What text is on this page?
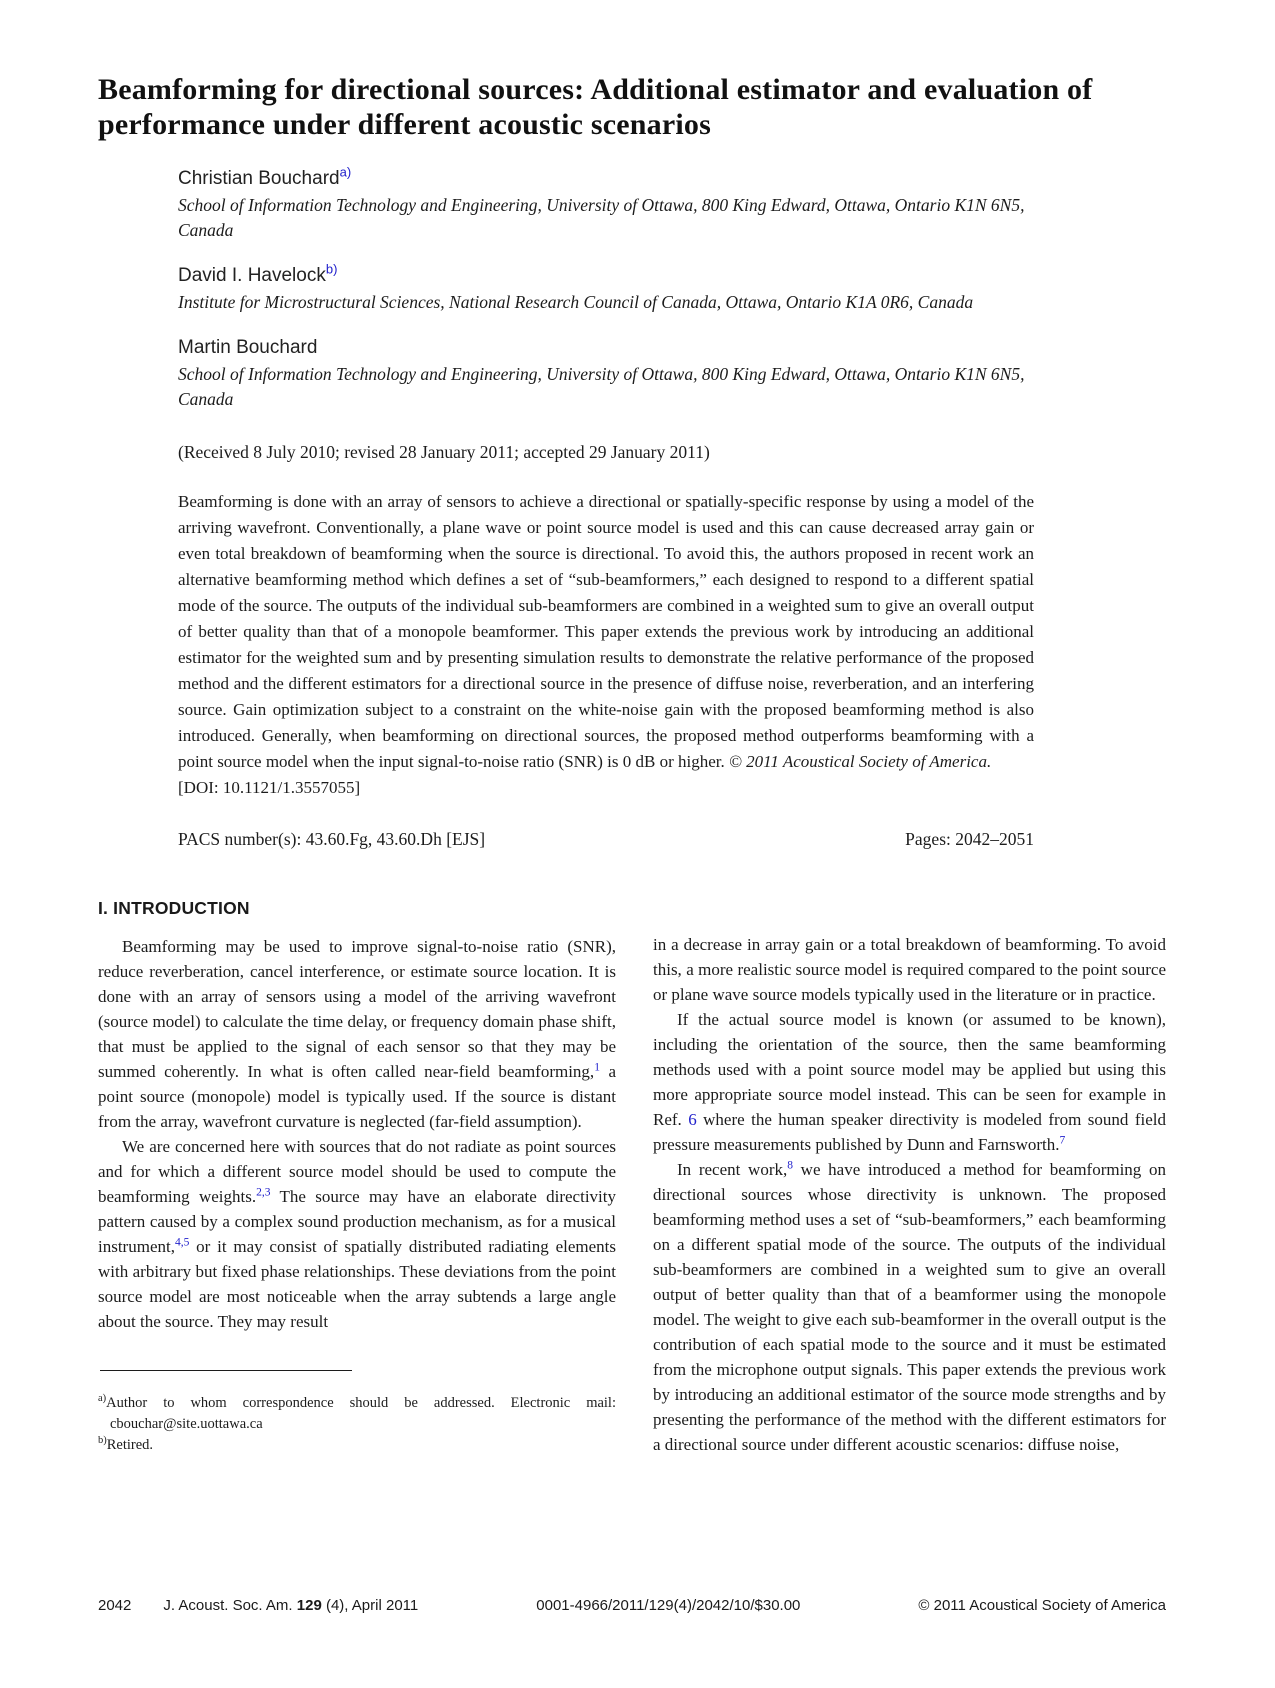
Beamforming for directional sources: Additional estimator and evaluation of performance under different acoustic scenarios
Christian Bouchard$^{a)}$
School of Information Technology and Engineering, University of Ottawa, 800 King Edward, Ottawa, Ontario K1N 6N5, Canada
David I. Havelock$^{b)}$
Institute for Microstructural Sciences, National Research Council of Canada, Ottawa, Ontario K1A 0R6, Canada
Martin Bouchard
School of Information Technology and Engineering, University of Ottawa, 800 King Edward, Ottawa, Ontario K1N 6N5, Canada

(Received 8 July 2010; revised 28 January 2011; accepted 29 January 2011)

Beamforming is done with an array of sensors to achieve a directional or spatially-specific response by using a model of the arriving wavefront. Conventionally, a plane wave or point source model is used and this can cause decreased array gain or even total breakdown of beamforming when the source is directional. To avoid this, the authors proposed in recent work an alternative beamforming method which defines a set of “sub-beamformers,” each designed to respond to a different spatial mode of the source. The outputs of the individual sub-beamformers are combined in a weighted sum to give an overall output of better quality than that of a monopole beamformer. This paper extends the previous work by introducing an additional estimator for the weighted sum and by presenting simulation results to demonstrate the relative performance of the proposed method and the different estimators for a directional source in the presence of diffuse noise, reverberation, and an interfering source. Gain optimization subject to a constraint on the white-noise gain with the proposed beamforming method is also introduced. Generally, when beamforming on directional sources, the proposed method outperforms beamforming with a point source model when the input signal-to-noise ratio (SNR) is 0 dB or higher. © 2011 Acoustical Society of America.
[DOI: 10.1121/1.3557055]
PACS number(s): 43.60.Fg, 43.60.Dh [EJS]	Pages: 2042–2051
I. INTRODUCTION

Beamforming may be used to improve signal-to-noise ratio (SNR), reduce reverberation, cancel interference, or estimate source location. It is done with an array of sensors using a model of the arriving wavefront (source model) to calculate the time delay, or frequency domain phase shift, that must be applied to the signal of each sensor so that they may be summed coherently. In what is often called near-field beamforming,$^1$ a point source (monopole) model is typically used. If the source is distant from the array, wavefront curvature is neglected (far-field assumption).

We are concerned here with sources that do not radiate as point sources and for which a different source model should be used to compute the beamforming weights.$^{2,3}$ The source may have an elaborate directivity pattern caused by a complex sound production mechanism, as for a musical instrument,$^{4,5}$ or it may consist of spatially distributed radiating elements with arbitrary but fixed phase relationships. These deviations from the point source model are most noticeable when the array subtends a large angle about the source. They may result

$^{a)}$Author to whom correspondence should be addressed. Electronic mail: cbouchar@site.uottawa.ca

$^{b)}$Retired.

in a decrease in array gain or a total breakdown of beamforming. To avoid this, a more realistic source model is required compared to the point source or plane wave source models typically used in the literature or in practice.

If the actual source model is known (or assumed to be known), including the orientation of the source, then the same beamforming methods used with a point source model may be applied but using this more appropriate source model instead. This can be seen for example in Ref. 6 where the human speaker directivity is modeled from sound field pressure measurements published by Dunn and Farnsworth.$^7$

In recent work,$^8$ we have introduced a method for beamforming on directional sources whose directivity is unknown. The proposed beamforming method uses a set of “sub-beamformers,” each beamforming on a different spatial mode of the source. The outputs of the individual sub-beamformers are combined in a weighted sum to give an overall output of better quality than that of a beamformer using the monopole model. The weight to give each sub-beamformer in the overall output is the contribution of each spatial mode to the source and it must be estimated from the microphone output signals. This paper extends the previous work by introducing an additional estimator of the source mode strengths and by presenting the performance of the method with the different estimators for a directional source under different acoustic scenarios: diffuse noise,

2042 J. Acoust. Soc. Am. 129 (4), April 2011	0001-4966/2011/129(4)/2042/10/$30.00	© 2011 Acoustical Society of America
